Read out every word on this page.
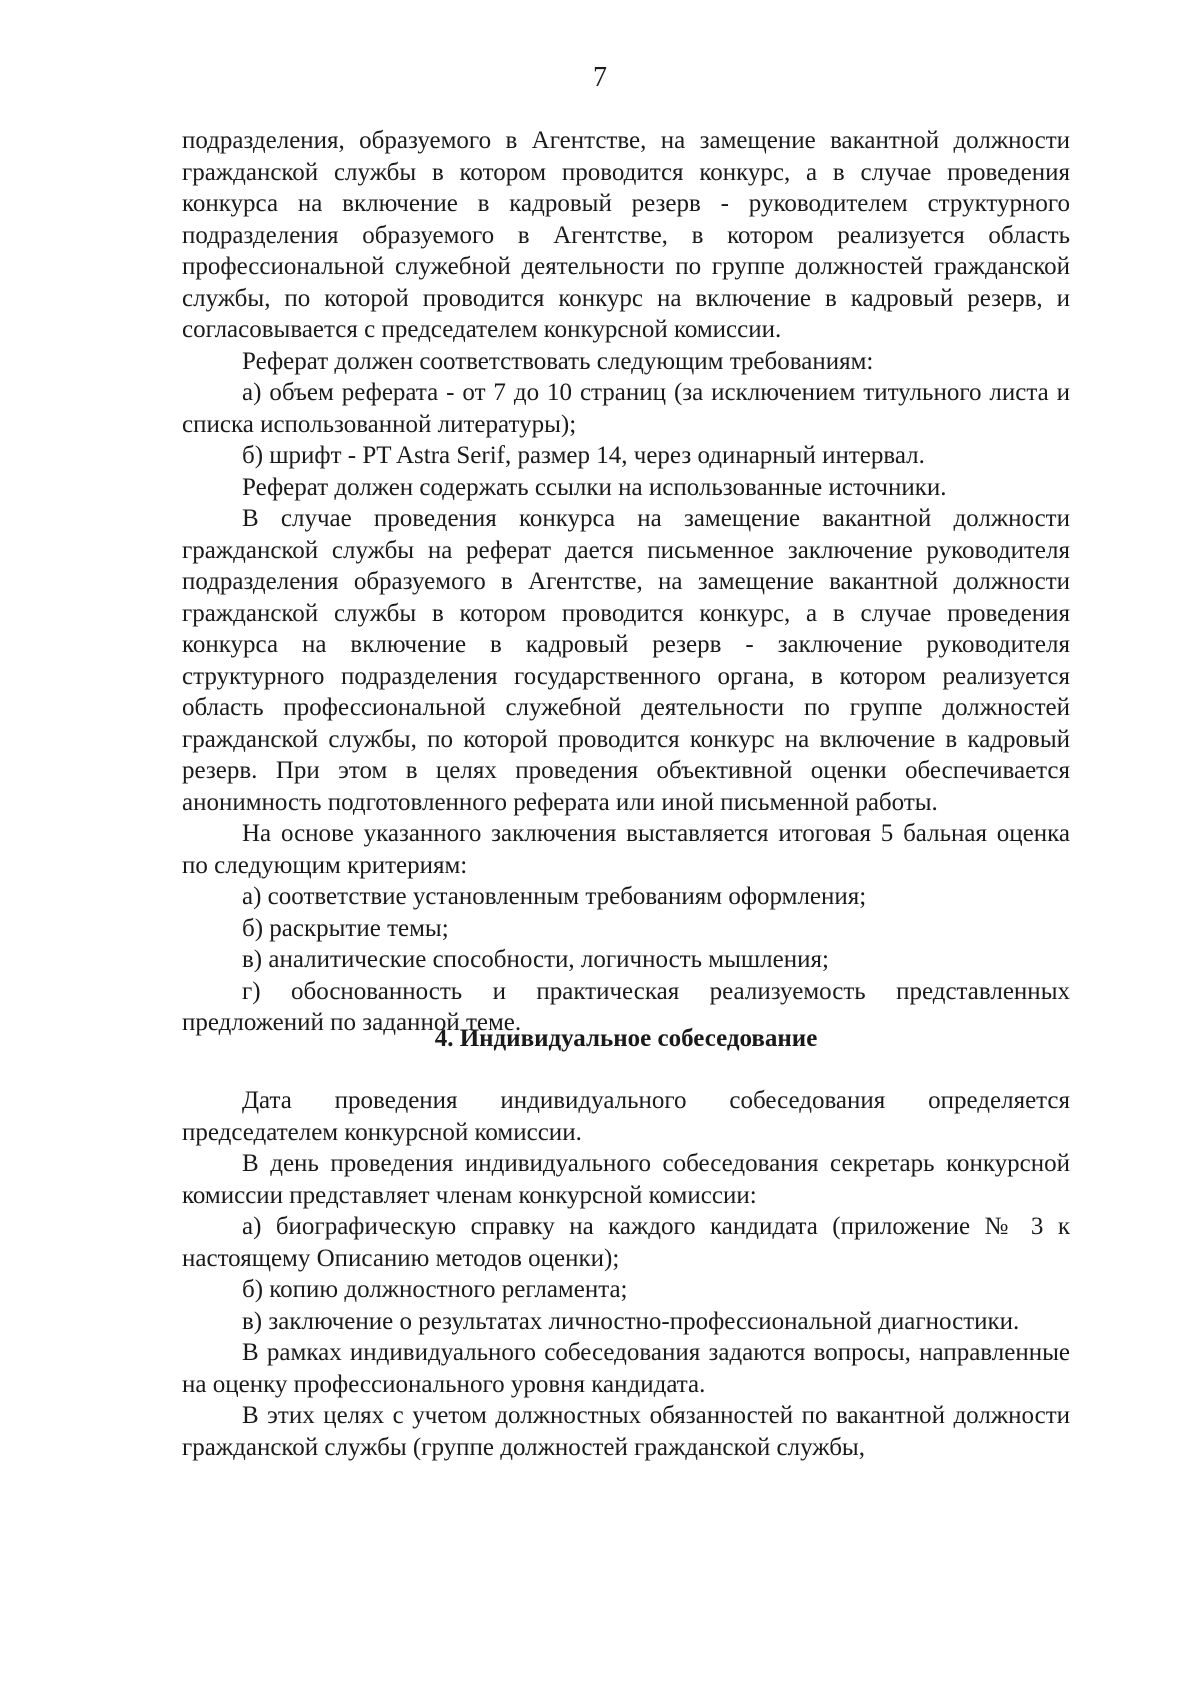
7

подразделения, образуемого в Агентстве, на замещение вакантной должности гражданской службы в котором проводится конкурс, а в случае проведения конкурса на включение в кадровый резерв - руководителем структурного подразделения образуемого в Агентстве, в котором реализуется область профессиональной служебной деятельности по группе должностей гражданской службы, по которой проводится конкурс на включение в кадровый резерв, и согласовывается с председателем конкурсной комиссии.

Реферат должен соответствовать следующим требованиям:

а) объем реферата - от 7 до 10 страниц (за исключением титульного листа и списка использованной литературы);

б) шрифт - PT Astra Serif, размер 14, через одинарный интервал.

Реферат должен содержать ссылки на использованные источники.

В случае проведения конкурса на замещение вакантной должности гражданской службы на реферат дается письменное заключение руководителя подразделения образуемого в Агентстве, на замещение вакантной должности гражданской службы в котором проводится конкурс, а в случае проведения конкурса на включение в кадровый резерв - заключение руководителя структурного подразделения государственного органа, в котором реализуется область профессиональной служебной деятельности по группе должностей гражданской службы, по которой проводится конкурс на включение в кадровый резерв. При этом в целях проведения объективной оценки обеспечивается анонимность подготовленного реферата или иной письменной работы.

На основе указанного заключения выставляется итоговая 5 бальная оценка по следующим критериям:

а) соответствие установленным требованиям оформления;

б) раскрытие темы;

в) аналитические способности, логичность мышления;

г) обоснованность и практическая реализуемость представленных предложений по заданной теме.

4. Индивидуальное собеседование

Дата проведения индивидуального собеседования определяется председателем конкурсной комиссии.

В день проведения индивидуального собеседования секретарь конкурсной комиссии представляет членам конкурсной комиссии:

а) биографическую справку на каждого кандидата (приложение № 3 к настоящему Описанию методов оценки);

б) копию должностного регламента;

в) заключение о результатах личностно-профессиональной диагностики.

В рамках индивидуального собеседования задаются вопросы, направленные на оценку профессионального уровня кандидата.

В этих целях с учетом должностных обязанностей по вакантной должности гражданской службы (группе должностей гражданской службы,
